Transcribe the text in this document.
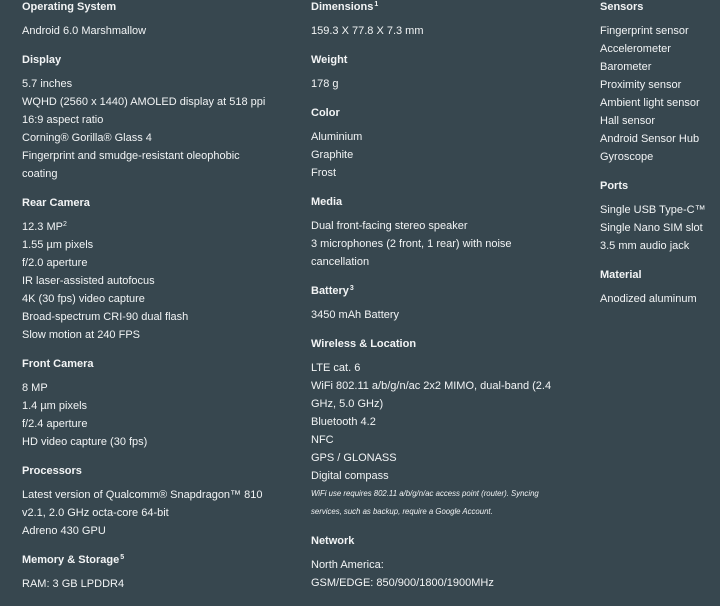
Operating System
Android 6.0 Marshmallow
Display
5.7 inches
WQHD (2560 x 1440) AMOLED display at 518 ppi
16:9 aspect ratio
Corning® Gorilla® Glass 4
Fingerprint and smudge-resistant oleophobic
coating
Rear Camera
12.3 $MP^2$
1.55 µm pixels
f/2.0 aperture
IR laser-assisted autofocus
4K (30 fps) video capture
Broad-spectrum CRI-90 dual flash
Slow motion at 240 FPS
Front Camera
8 MP
1.4 µm pixels
f/2.4 aperture
HD video capture (30 fps)
Processors
Latest version of Qualcomm® Snapdragon™ 810
v2.1, 2.0 GHz octa-core 64-bit
Adreno 430 GPU
Memory & Storage$^5$
RAM: 3 GB LPDDR4
Dimensions$^1$
159.3 X 77.8 X 7.3 mm
Weight
178 g
Color
Aluminium
Graphite
Frost
Media
Dual front-facing stereo speaker
3 microphones (2 front, 1 rear) with noise
cancellation
Battery$^3$
3450 mAh Battery
Wireless & Location
LTE cat. 6
WiFi 802.11 a/b/g/n/ac 2x2 MIMO, dual-band (2.4
GHz, 5.0 GHz)
Bluetooth 4.2
NFC
GPS / GLONASS
Digital compass
WiFi use requires 802.11 a/b/g/n/ac access point (router). Syncing
services, such as backup, require a Google Account.
Network
North America:
GSM/EDGE: 850/900/1800/1900MHz
Sensors
Fingerprint sensor
Accelerometer
Barometer
Proximity sensor
Ambient light sensor
Hall sensor
Android Sensor Hub
Gyroscope
Ports
Single USB Type-C™
Single Nano SIM slot
3.5 mm audio jack
Material
Anodized aluminum
